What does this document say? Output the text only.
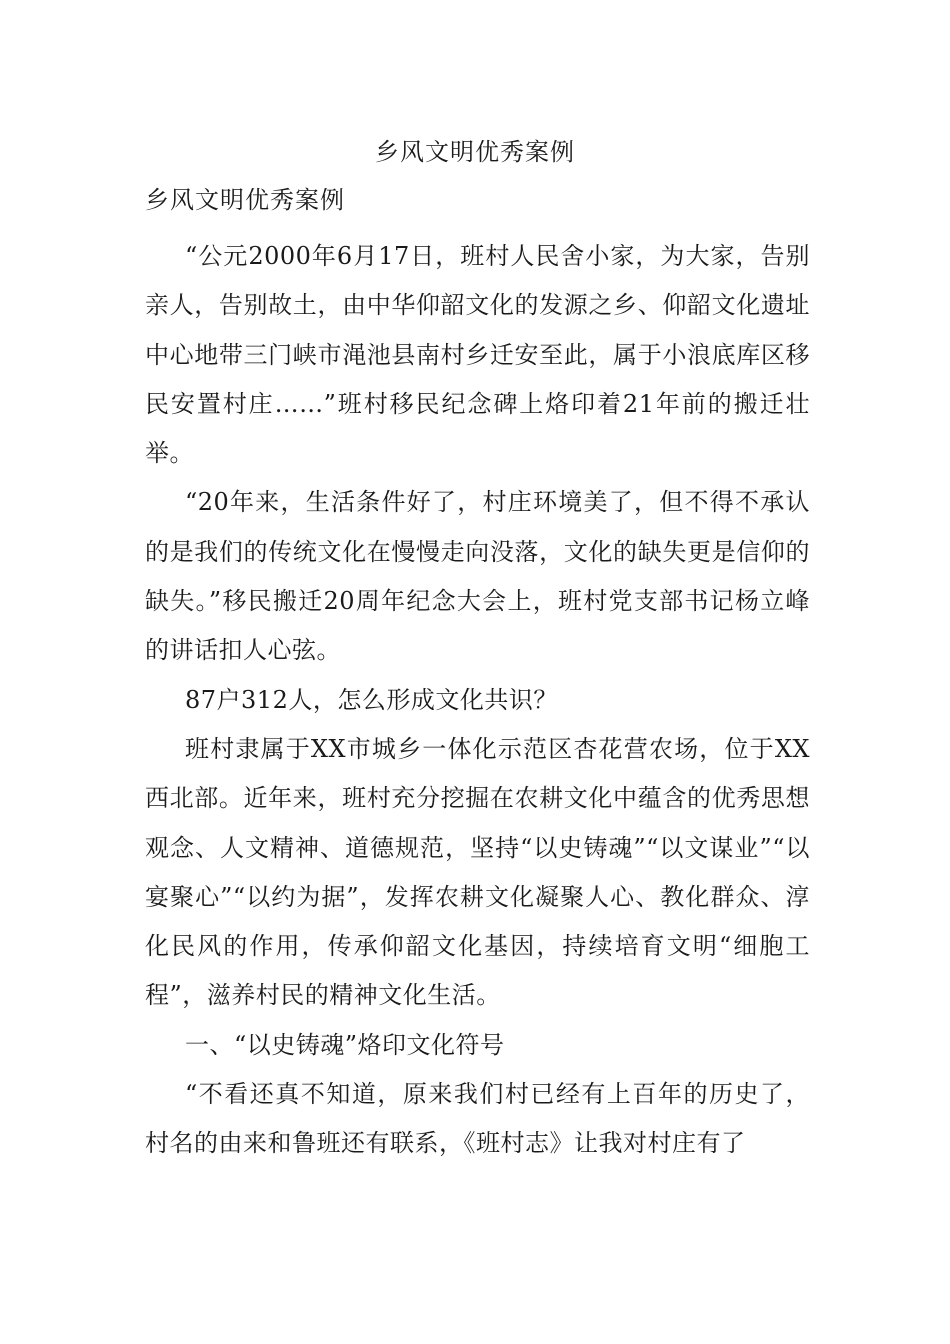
乡风文明优秀案例
乡风文明优秀案例

“公元2000年6月17日，班村人民舍小家，为大家，告别亲人，告别故土，由中华仰韶文化的发源之乡、仰韶文化遗址中心地带三门峡市渑池县南村乡迁安至此，属于小浪底库区移民安置村庄……”班村移民纪念碑上烙印着21年前的搬迁壮举。

“20年来，生活条件好了，村庄环境美了，但不得不承认的是我们的传统文化在慢慢走向没落，文化的缺失更是信仰的缺失。”移民搬迁20周年纪念大会上，班村党支部书记杨立峰的讲话扣人心弦。

87户312人，怎么形成文化共识？

班村隶属于XX市城乡一体化示范区杏花营农场，位于XX西北部。近年来，班村充分挖掘在农耕文化中蕴含的优秀思想观念、人文精神、道德规范，坚持“以史铸魂”“以文谋业”“以宴聚心”“以约为据”，发挥农耕文化凝聚人心、教化群众、淳化民风的作用，传承仰韶文化基因，持续培育文明“细胞工程”，滋养村民的精神文化生活。

一、“以史铸魂”烙印文化符号

“不看还真不知道，原来我们村已经有上百年的历史了，村名的由来和鲁班还有联系，《班村志》让我对村庄有了
